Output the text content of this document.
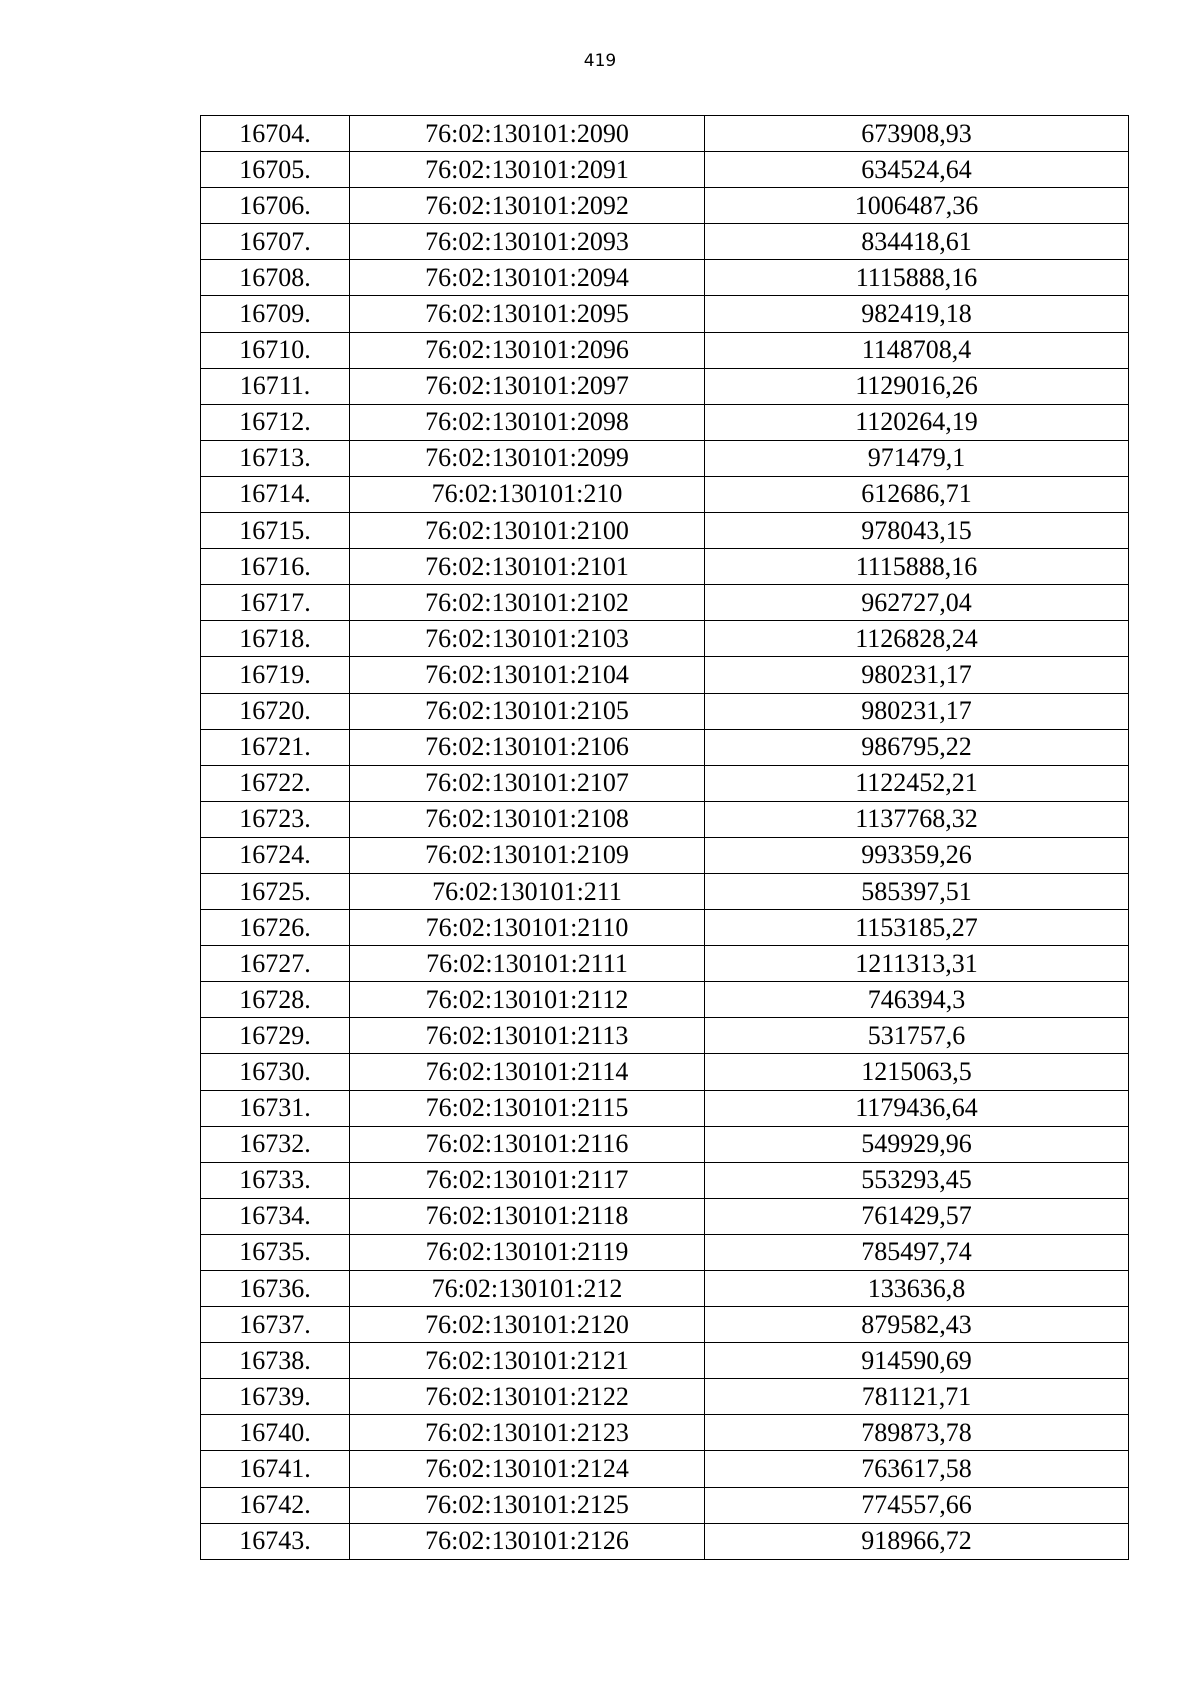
419
16704.	76:02:130101:2090	673908,93
16705.	76:02:130101:2091	634524,64
16706.	76:02:130101:2092	1006487,36
16707.	76:02:130101:2093	834418,61
16708.	76:02:130101:2094	1115888,16
16709.	76:02:130101:2095	982419,18
16710.	76:02:130101:2096	1148708,4
16711.	76:02:130101:2097	1129016,26
16712.	76:02:130101:2098	1120264,19
16713.	76:02:130101:2099	971479,1
16714.	76:02:130101:210	612686,71
16715.	76:02:130101:2100	978043,15
16716.	76:02:130101:2101	1115888,16
16717.	76:02:130101:2102	962727,04
16718.	76:02:130101:2103	1126828,24
16719.	76:02:130101:2104	980231,17
16720.	76:02:130101:2105	980231,17
16721.	76:02:130101:2106	986795,22
16722.	76:02:130101:2107	1122452,21
16723.	76:02:130101:2108	1137768,32
16724.	76:02:130101:2109	993359,26
16725.	76:02:130101:211	585397,51
16726.	76:02:130101:2110	1153185,27
16727.	76:02:130101:2111	1211313,31
16728.	76:02:130101:2112	746394,3
16729.	76:02:130101:2113	531757,6
16730.	76:02:130101:2114	1215063,5
16731.	76:02:130101:2115	1179436,64
16732.	76:02:130101:2116	549929,96
16733.	76:02:130101:2117	553293,45
16734.	76:02:130101:2118	761429,57
16735.	76:02:130101:2119	785497,74
16736.	76:02:130101:212	133636,8
16737.	76:02:130101:2120	879582,43
16738.	76:02:130101:2121	914590,69
16739.	76:02:130101:2122	781121,71
16740.	76:02:130101:2123	789873,78
16741.	76:02:130101:2124	763617,58
16742.	76:02:130101:2125	774557,66
16743.	76:02:130101:2126	918966,72
